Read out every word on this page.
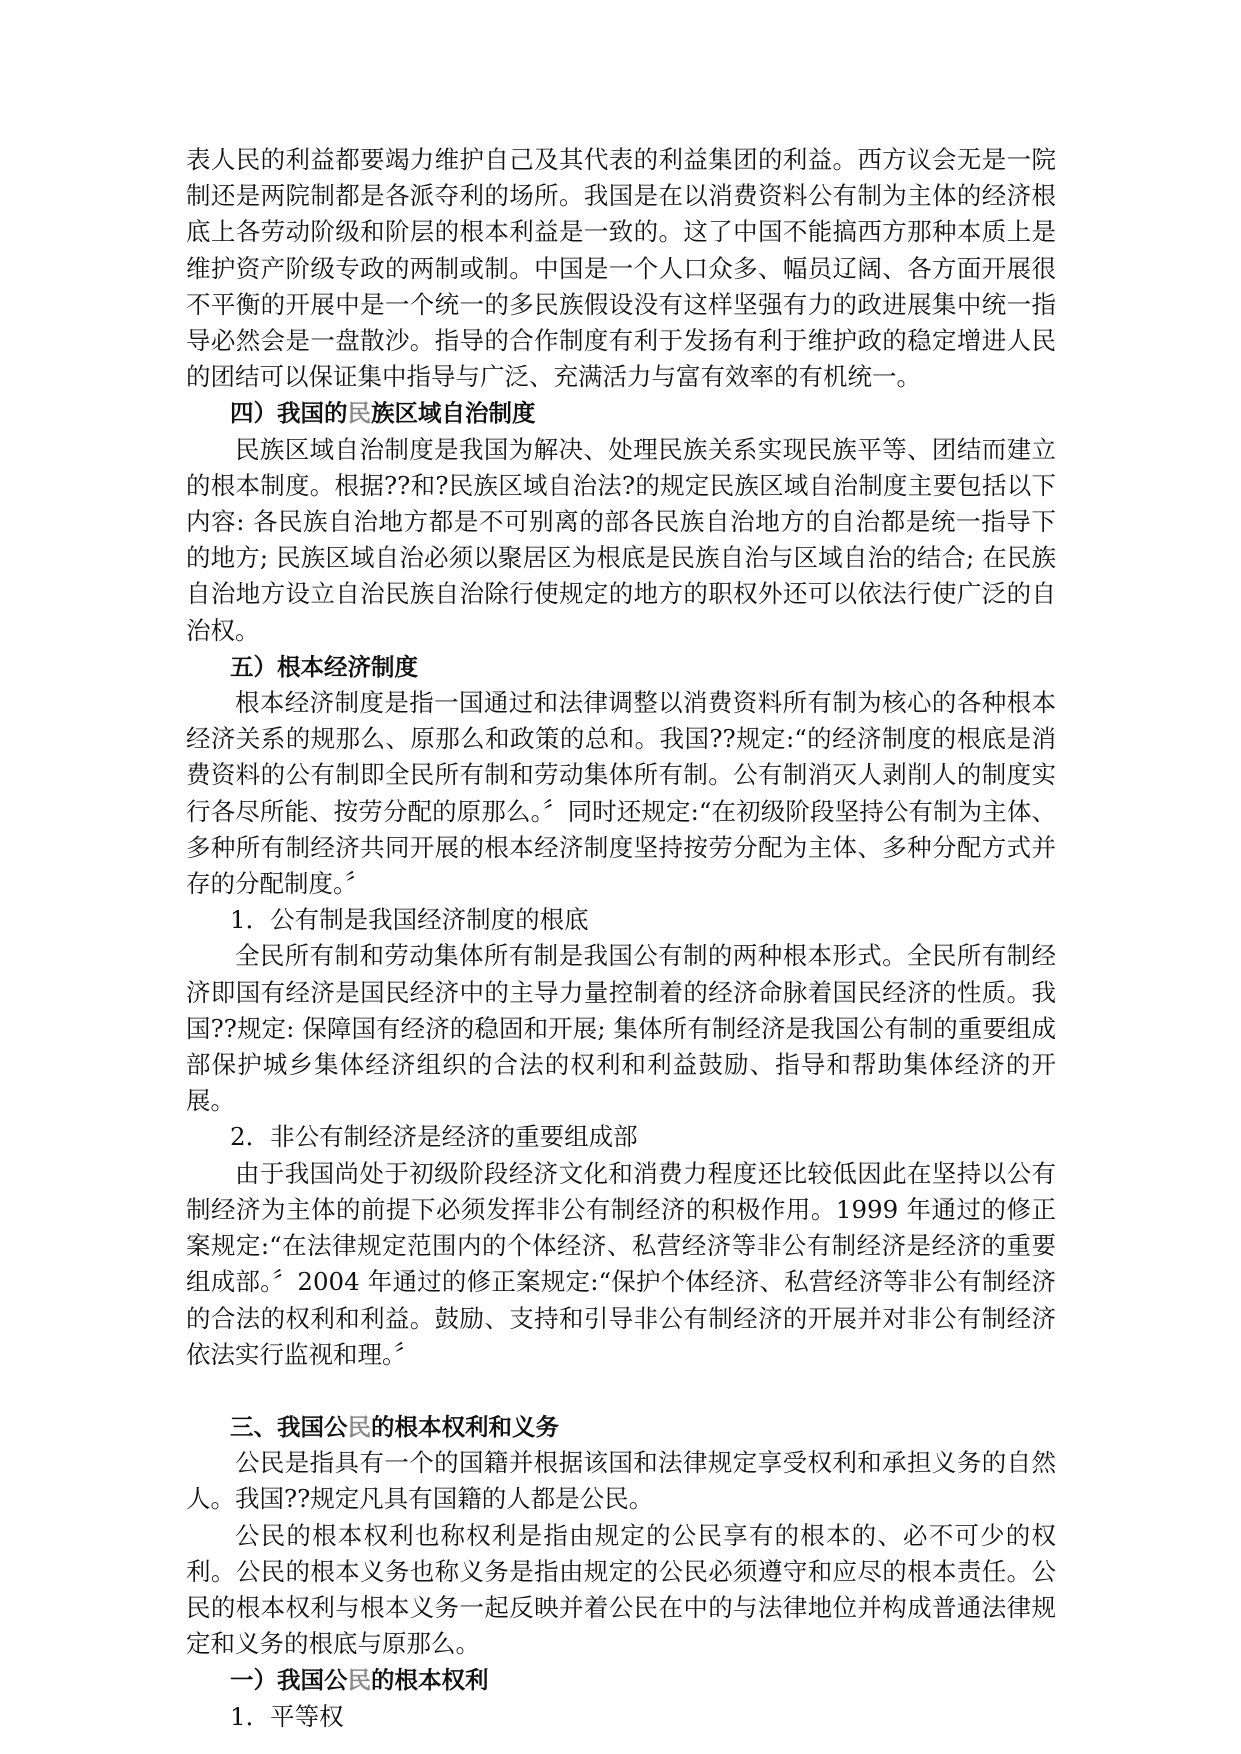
表人民的利益都要竭力维护自己及其代表的利益集团的利益。西方议会无是一院制还是两院制都是各派夺利的场所。我国是在以消费资料公有制为主体的经济根底上各劳动阶级和阶层的根本利益是一致的。这了中国不能搞西方那种本质上是维护资产阶级专政的两制或制。中国是一个人口众多、幅员辽阔、各方面开展很不平衡的开展中是一个统一的多民族假设没有这样坚强有力的政进展集中统一指导必然会是一盘散沙。指导的合作制度有利于发扬有利于维护政的稳定增进人民的团结可以保证集中指导与广泛、充满活力与富有效率的有机统一。

四）我国的民族区域自治制度

民族区域自治制度是我国为解决、处理民族关系实现民族平等、团结而建立的根本制度。根据??和?民族区域自治法?的规定民族区域自治制度主要包括以下内容: 各民族自治地方都是不可别离的部各民族自治地方的自治都是统一指导下的地方; 民族区域自治必须以聚居区为根底是民族自治与区域自治的结合; 在民族自治地方设立自治民族自治除行使规定的地方的职权外还可以依法行使广泛的自治权。

五）根本经济制度

根本经济制度是指一国通过和法律调整以消费资料所有制为核心的各种根本经济关系的规那么、原那么和政策的总和。我国??规定:“的经济制度的根底是消费资料的公有制即全民所有制和劳动集体所有制。公有制消灭人剥削人的制度实行各尽所能、按劳分配的原那么。〞同时还规定:“在初级阶段坚持公有制为主体、多种所有制经济共同开展的根本经济制度坚持按劳分配为主体、多种分配方式并存的分配制度。〞

1．公有制是我国经济制度的根底

全民所有制和劳动集体所有制是我国公有制的两种根本形式。全民所有制经济即国有经济是国民经济中的主导力量控制着的经济命脉着国民经济的性质。我国??规定: 保障国有经济的稳固和开展; 集体所有制经济是我国公有制的重要组成部保护城乡集体经济组织的合法的权利和利益鼓励、指导和帮助集体经济的开展。

2．非公有制经济是经济的重要组成部

由于我国尚处于初级阶段经济文化和消费力程度还比较低因此在坚持以公有制经济为主体的前提下必须发挥非公有制经济的积极作用。1999 年通过的修正案规定:“在法律规定范围内的个体经济、私营经济等非公有制经济是经济的重要组成部。〞2004 年通过的修正案规定:“保护个体经济、私营经济等非公有制经济的合法的权利和利益。鼓励、支持和引导非公有制经济的开展并对非公有制经济依法实行监视和理。〞

三、我国公民的根本权利和义务

公民是指具有一个的国籍并根据该国和法律规定享受权利和承担义务的自然人。我国??规定凡具有国籍的人都是公民。

公民的根本权利也称权利是指由规定的公民享有的根本的、必不可少的权利。公民的根本义务也称义务是指由规定的公民必须遵守和应尽的根本责任。公民的根本权利与根本义务一起反映并着公民在中的与法律地位并构成普通法律规定和义务的根底与原那么。

一）我国公民的根本权利

1．平等权
